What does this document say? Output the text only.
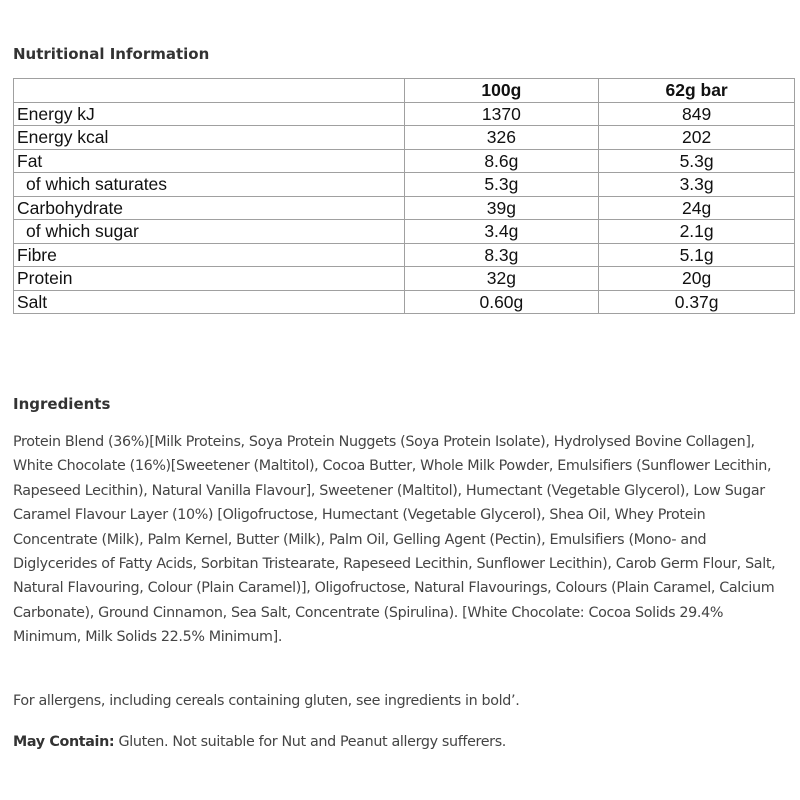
Nutritional Information
	100g	62g bar
Energy kJ	1370	849
Energy kcal	326	202
Fat	8.6g	5.3g
of which saturates	5.3g	3.3g
Carbohydrate	39g	24g
of which sugar	3.4g	2.1g
Fibre	8.3g	5.1g
Protein	32g	20g
Salt	0.60g	0.37g
Ingredients
Protein Blend (36%)[Milk Proteins, Soya Protein Nuggets (Soya Protein Isolate), Hydrolysed Bovine Collagen], White Chocolate (16%)[Sweetener (Maltitol), Cocoa Butter, Whole Milk Powder, Emulsifiers (Sunflower Lecithin, Rapeseed Lecithin), Natural Vanilla Flavour], Sweetener (Maltitol), Humectant (Vegetable Glycerol), Low Sugar Caramel Flavour Layer (10%) [Oligofructose, Humectant (Vegetable Glycerol), Shea Oil, Whey Protein Concentrate (Milk), Palm Kernel, Butter (Milk), Palm Oil, Gelling Agent (Pectin), Emulsifiers (Mono- and Diglycerides of Fatty Acids, Sorbitan Tristearate, Rapeseed Lecithin, Sunflower Lecithin), Carob Germ Flour, Salt, Natural Flavouring, Colour (Plain Caramel)], Oligofructose, Natural Flavourings, Colours (Plain Caramel, Calcium Carbonate), Ground Cinnamon, Sea Salt, Concentrate (Spirulina). [White Chocolate: Cocoa Solids 29.4% Minimum, Milk Solids 22.5% Minimum].
For allergens, including cereals containing gluten, see ingredients in bold’.
May Contain: Gluten. Not suitable for Nut and Peanut allergy sufferers.
